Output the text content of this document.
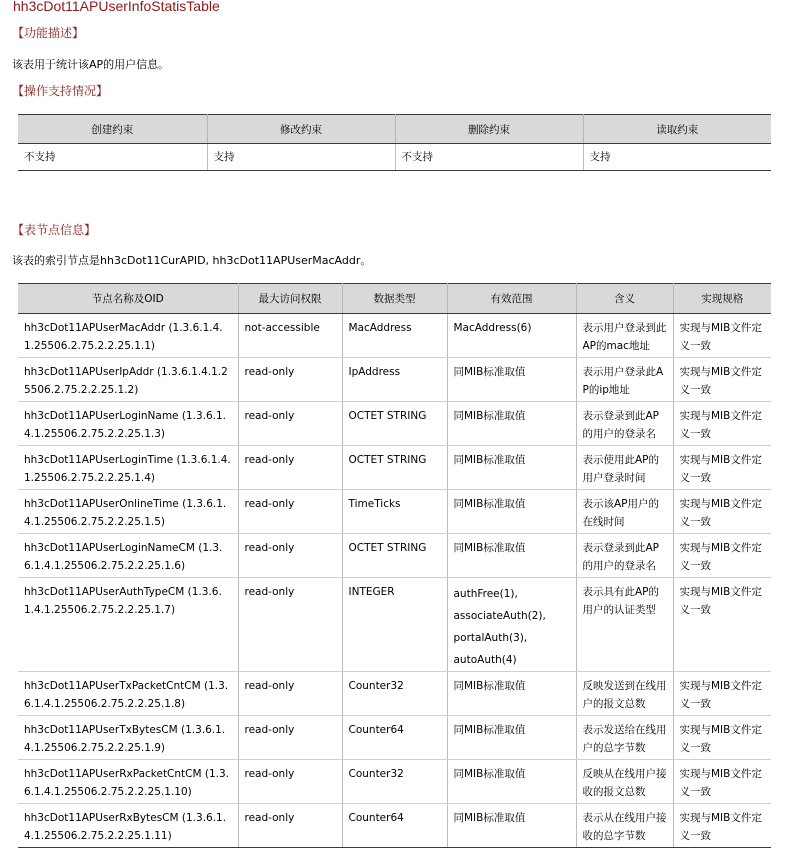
hh3cDot11APUserInfoStatisTable
【功能描述】
该表用于统计该AP的用户信息。
【操作支持情况】
创建约束	修改约束	删除约束	读取约束
不支持	支持	不支持	支持
【表节点信息】
该表的索引节点是hh3cDot11CurAPID, hh3cDot11APUserMacAddr。
节点名称及OID	最大访问权限	数据类型	有效范围	含义	实现规格
hh3cDot11APUserMacAddr (1.3.6.1.4.1.25506.2.75.2.2.25.1.1)	not-accessible	MacAddress	MacAddress(6)	表示用户登录到此AP的mac地址	实现与MIB文件定义一致
hh3cDot11APUserIpAddr (1.3.6.1.4.1.25506.2.75.2.2.25.1.2)	read-only	IpAddress	同MIB标准取值	表示用户登录此AP的ip地址	实现与MIB文件定义一致
hh3cDot11APUserLoginName (1.3.6.1.4.1.25506.2.75.2.2.25.1.3)	read-only	OCTET STRING	同MIB标准取值	表示登录到此AP的用户的登录名	实现与MIB文件定义一致
hh3cDot11APUserLoginTime (1.3.6.1.4.1.25506.2.75.2.2.25.1.4)	read-only	OCTET STRING	同MIB标准取值	表示使用此AP的用户登录时间	实现与MIB文件定义一致
hh3cDot11APUserOnlineTime (1.3.6.1.4.1.25506.2.75.2.2.25.1.5)	read-only	TimeTicks	同MIB标准取值	表示该AP用户的在线时间	实现与MIB文件定义一致
hh3cDot11APUserLoginNameCM (1.3.6.1.4.1.25506.2.75.2.2.25.1.6)	read-only	OCTET STRING	同MIB标准取值	表示登录到此AP的用户的登录名	实现与MIB文件定义一致
hh3cDot11APUserAuthTypeCM (1.3.6.1.4.1.25506.2.75.2.2.25.1.7)	read-only	INTEGER	authFree(1),
associateAuth(2),
portalAuth(3),
autoAuth(4)	表示具有此AP的用户的认证类型	实现与MIB文件定义一致
hh3cDot11APUserTxPacketCntCM (1.3.6.1.4.1.25506.2.75.2.2.25.1.8)	read-only	Counter32	同MIB标准取值	反映发送到在线用户的报文总数	实现与MIB文件定义一致
hh3cDot11APUserTxBytesCM (1.3.6.1.4.1.25506.2.75.2.2.25.1.9)	read-only	Counter64	同MIB标准取值	表示发送给在线用户的总字节数	实现与MIB文件定义一致
hh3cDot11APUserRxPacketCntCM (1.3.6.1.4.1.25506.2.75.2.2.25.1.10)	read-only	Counter32	同MIB标准取值	反映从在线用户接收的报文总数	实现与MIB文件定义一致
hh3cDot11APUserRxBytesCM (1.3.6.1.4.1.25506.2.75.2.2.25.1.11)	read-only	Counter64	同MIB标准取值	表示从在线用户接收的总字节数	实现与MIB文件定义一致
